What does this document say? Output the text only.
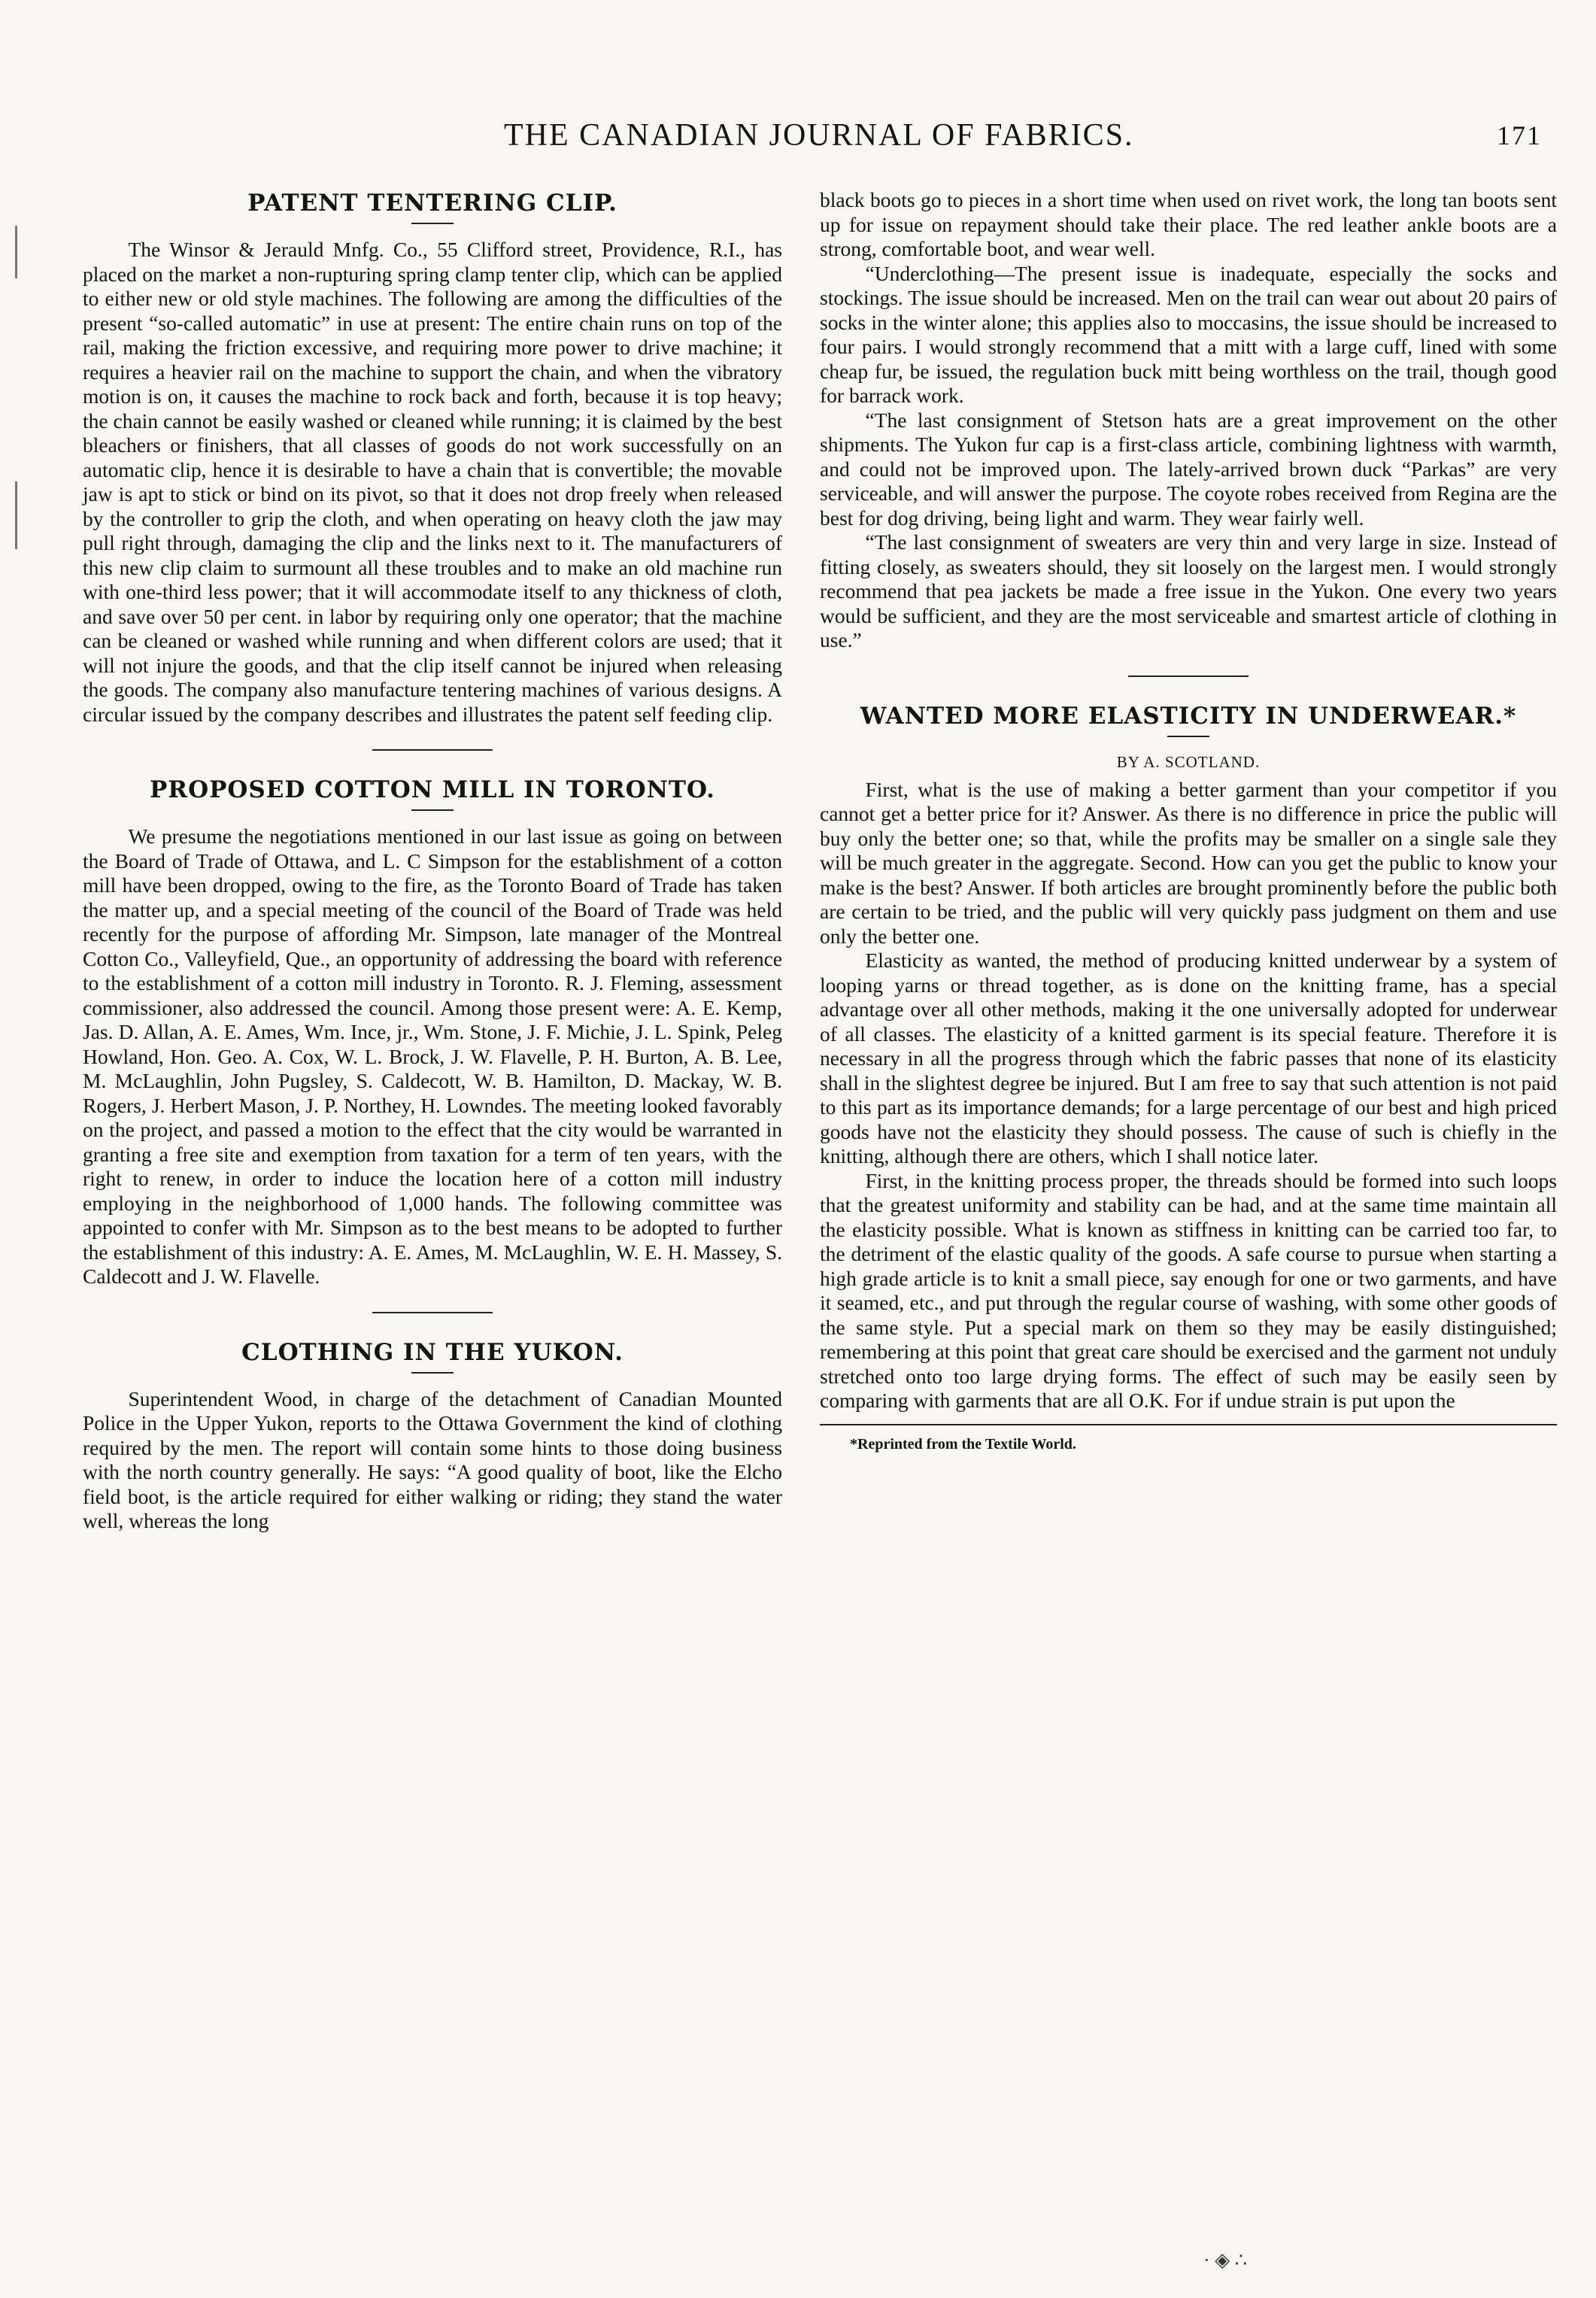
THE CANADIAN JOURNAL OF FABRICS.	171
PATENT TENTERING CLIP.

The Winsor & Jerauld Mnfg. Co., 55 Clifford street, Providence, R.I., has placed on the market a non-rupturing spring clamp tenter clip, which can be applied to either new or old style machines. The following are among the difficulties of the present “so-called automatic” in use at present: The entire chain runs on top of the rail, making the friction excessive, and requiring more power to drive machine; it requires a heavier rail on the machine to support the chain, and when the vibratory motion is on, it causes the machine to rock back and forth, because it is top heavy; the chain cannot be easily washed or cleaned while running; it is claimed by the best bleachers or finishers, that all classes of goods do not work successfully on an automatic clip, hence it is desirable to have a chain that is convertible; the movable jaw is apt to stick or bind on its pivot, so that it does not drop freely when released by the controller to grip the cloth, and when operating on heavy cloth the jaw may pull right through, damaging the clip and the links next to it. The manufacturers of this new clip claim to surmount all these troubles and to make an old machine run with one-third less power; that it will accommodate itself to any thickness of cloth, and save over 50 per cent. in labor by requiring only one operator; that the machine can be cleaned or washed while running and when different colors are used; that it will not injure the goods, and that the clip itself cannot be injured when releasing the goods. The company also manufacture tentering machines of various designs. A circular issued by the company describes and illustrates the patent self feeding clip.

PROPOSED COTTON MILL IN TORONTO.

We presume the negotiations mentioned in our last issue as going on between the Board of Trade of Ottawa, and L. C Simpson for the establishment of a cotton mill have been dropped, owing to the fire, as the Toronto Board of Trade has taken the matter up, and a special meeting of the council of the Board of Trade was held recently for the purpose of affording Mr. Simpson, late manager of the Montreal Cotton Co., Valleyfield, Que., an opportunity of addressing the board with reference to the establishment of a cotton mill industry in Toronto. R. J. Fleming, assessment commissioner, also addressed the council. Among those present were: A. E. Kemp, Jas. D. Allan, A. E. Ames, Wm. Ince, jr., Wm. Stone, J. F. Michie, J. L. Spink, Peleg Howland, Hon. Geo. A. Cox, W. L. Brock, J. W. Flavelle, P. H. Burton, A. B. Lee, M. McLaughlin, John Pugsley, S. Caldecott, W. B. Hamilton, D. Mackay, W. B. Rogers, J. Herbert Mason, J. P. Northey, H. Lowndes. The meeting looked favorably on the project, and passed a motion to the effect that the city would be warranted in granting a free site and exemption from taxation for a term of ten years, with the right to renew, in order to induce the location here of a cotton mill industry employing in the neighborhood of 1,000 hands. The following committee was appointed to confer with Mr. Simpson as to the best means to be adopted to further the establishment of this industry: A. E. Ames, M. McLaughlin, W. E. H. Massey, S. Caldecott and J. W. Flavelle.

CLOTHING IN THE YUKON.

Superintendent Wood, in charge of the detachment of Canadian Mounted Police in the Upper Yukon, reports to the Ottawa Government the kind of clothing required by the men. The report will contain some hints to those doing business with the north country generally. He says: “A good quality of boot, like the Elcho field boot, is the article required for either walking or riding; they stand the water well, whereas the long

black boots go to pieces in a short time when used on rivet work, the long tan boots sent up for issue on repayment should take their place. The red leather ankle boots are a strong, comfortable boot, and wear well.

“Underclothing—The present issue is inadequate, especially the socks and stockings. The issue should be increased. Men on the trail can wear out about 20 pairs of socks in the winter alone; this applies also to moccasins, the issue should be increased to four pairs. I would strongly recommend that a mitt with a large cuff, lined with some cheap fur, be issued, the regulation buck mitt being worthless on the trail, though good for barrack work.

“The last consignment of Stetson hats are a great improvement on the other shipments. The Yukon fur cap is a first-class article, combining lightness with warmth, and could not be improved upon. The lately-arrived brown duck “Parkas” are very serviceable, and will answer the purpose. The coyote robes received from Regina are the best for dog driving, being light and warm. They wear fairly well.

“The last consignment of sweaters are very thin and very large in size. Instead of fitting closely, as sweaters should, they sit loosely on the largest men. I would strongly recommend that pea jackets be made a free issue in the Yukon. One every two years would be sufficient, and they are the most serviceable and smartest article of clothing in use.”

WANTED MORE ELASTICITY IN UNDERWEAR.*
BY A. SCOTLAND.

First, what is the use of making a better garment than your competitor if you cannot get a better price for it? Answer. As there is no difference in price the public will buy only the better one; so that, while the profits may be smaller on a single sale they will be much greater in the aggregate. Second. How can you get the public to know your make is the best? Answer. If both articles are brought prominently before the public both are certain to be tried, and the public will very quickly pass judgment on them and use only the better one.

Elasticity as wanted, the method of producing knitted underwear by a system of looping yarns or thread together, as is done on the knitting frame, has a special advantage over all other methods, making it the one universally adopted for underwear of all classes. The elasticity of a knitted garment is its special feature. Therefore it is necessary in all the progress through which the fabric passes that none of its elasticity shall in the slightest degree be injured. But I am free to say that such attention is not paid to this part as its importance demands; for a large percentage of our best and high priced goods have not the elasticity they should possess. The cause of such is chiefly in the knitting, although there are others, which I shall notice later.

First, in the knitting process proper, the threads should be formed into such loops that the greatest uniformity and stability can be had, and at the same time maintain all the elasticity possible. What is known as stiffness in knitting can be carried too far, to the detriment of the elastic quality of the goods. A safe course to pursue when starting a high grade article is to knit a small piece, say enough for one or two garments, and have it seamed, etc., and put through the regular course of washing, with some other goods of the same style. Put a special mark on them so they may be easily distinguished; remembering at this point that great care should be exercised and the garment not unduly stretched onto too large drying forms. The effect of such may be easily seen by comparing with garments that are all O.K. For if undue strain is put upon the

*Reprinted from the Textile World.
·​ ◈ ∴
